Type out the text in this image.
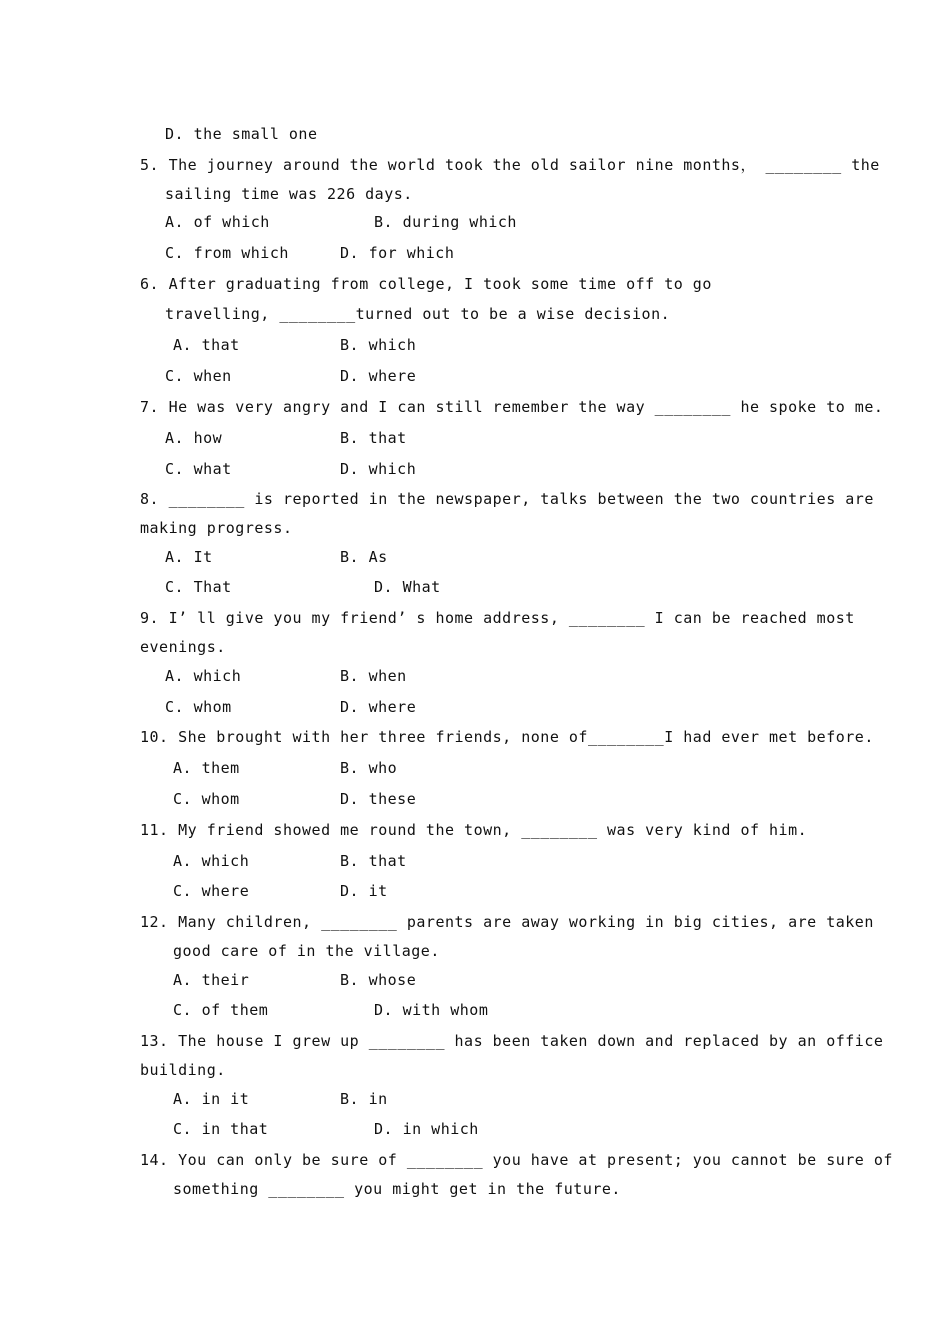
D. the small one
5. The journey around the world took the old sailor nine months， ________ the
sailing time was 226 days.
A. of which	B. during which
C. from which	D. for which
6. After graduating from college, I took some time off to go
travelling, ________turned out to be a wise decision.
A. that	B. which
C. when	D. where
7. He was very angry and I can still remember the way ________ he spoke to me.
A. how	B. that
C. what	D. which
8. ________ is reported in the newspaper, talks between the two countries are
making progress.
A. It	B. As
C. That	D. What
9. I’ ll give you my friend’ s home address, ________ I can be reached most
evenings.
A. which	B. when
C. whom	D. where
10. She brought with her three friends, none of________I had ever met before.
A. them	B. who
C. whom	D. these
11. My friend showed me round the town, ________ was very kind of him.
A. which	B. that
C. where	D. it
12. Many children, ________ parents are away working in big cities, are taken
good care of in the village.
A. their	B. whose
C. of them	D. with whom
13. The house I grew up ________ has been taken down and replaced by an office
building.
A. in it	B. in
C. in that	D. in which
14. You can only be sure of ________ you have at present; you cannot be sure of
something ________ you might get in the future.
